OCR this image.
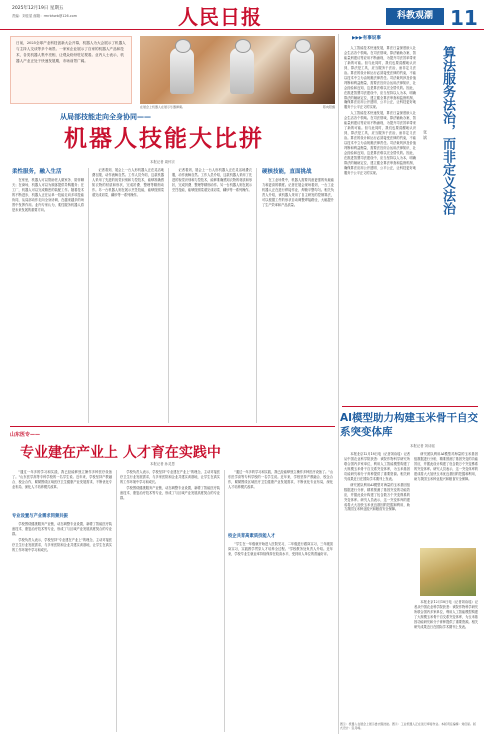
2025年12月19日 星期五
责编：刘佳星 邮箱：rmrbhwb@126.com	人民日报	科教观潮 11
日前，2025全球产业科技创新大会开幕，机器人为大会展示了机器人与主持人交谈等多个场景。一家家企业展示了自家的机器人产品和技术，各类机器人集中亮相，让观众纷纷驻足观看。业内人士表示，机器人产业正处于快速发展期，市场前景广阔。
在展会上机器人在展示乐器弹奏。	陈向阳摄
从局部技能走向全身协同——
机器人技能大比拼
本报记者 周怀宗
柔性服务，融入生活

在家里，机器人可以帮助老人做家务、陪伴聊天；在商场，机器人可以为顾客提供导购服务；在工厂，机器人可以完成精密的装配工作。随着技术的不断进步，机器人正在从单一技能走向多项技能协同，从局部动作走向全身协调，在越来越多的场景中发挥作用。业内专家认为，柔性服务机器人将是未来发展的重要方向。

记者看到，展会上一台人形机器人正在灵活地叠衣服，动作流畅自然。工作人员介绍，这款机器人采用了先进的视觉识别和力控技术，能够准确感知衣物的材质和形状，完成折叠、整理等精细动作。另一台机器人则在展示烹饪技能，能够按照菜谱完成切菜、翻炒等一系列操作。

记者看到，展会上一台人形机器人正在灵活地叠衣服，动作流畅自然。工作人员介绍，这款机器人采用了先进的视觉识别和力控技术，能够准确感知衣物的材质和形状，完成折叠、整理等精细动作。另一台机器人则在展示烹饪技能，能够按照菜谱完成切菜、翻炒等一系列操作。

硬核技能，直面挑战

在工业场景中，机器人需要具备更强的负载能力和更高的精度。记者在展会现场看到，一台工业机器人正在进行焊接作业，焊缝平整均匀。相关负责人介绍，该机器人采用了自主研发的控制算法，可以根据工件的形状自动调整焊接路径，大幅提升了生产效率和产品质量。

山东医专——
专业建在产业上 人才育在实践中
本报记者 孙灵思

"通过一年多的学习和实践，我已经能够独立操作多种医疗设备了。"山东医学高等专科学校的一名学生说。近年来，学校坚持产教融合、校企合作，紧紧围绕区域医疗卫生健康产业发展需求，不断优化专业布局，深化人才培养模式改革。

专业设置与产业需求同频共振

学校围绕健康服务产业链，动态调整专业设置，新增了智能医疗装备技术、康复治疗技术等专业，形成了与区域产业发展高度契合的专业群。

学校负责人表示，学校坚持"专业建在产业上"的理念，主动对接医疗卫生行业发展需求，与多家医院和企业共建实训基地，让学生在真实的工作环境中学习和成长。

学校负责人表示，学校坚持"专业建在产业上"的理念，主动对接医疗卫生行业发展需求，与多家医院和企业共建实训基地，让学生在真实的工作环境中学习和成长。

学校围绕健康服务产业链，动态调整专业设置，新增了智能医疗装备技术、康复治疗技术等专业，形成了与区域产业发展高度契合的专业群。

"通过一年多的学习和实践，我已经能够独立操作多种医疗设备了。"山东医学高等专科学校的一名学生说。近年来，学校坚持产教融合、校企合作，紧紧围绕区域医疗卫生健康产业发展需求，不断优化专业布局，深化人才培养模式改革。

校企共育高素质技能人才

"学生在一年级就开始进入医院见习，二年级进行跟岗实习，三年级顶岗实习，实践教学贯穿人才培养全过程。"学校教务处负责人介绍。近年来，学校毕业生就业率持续保持在较高水平，受到用人单位的普遍好评。

▶▶▶有事说事
算法服务法治，而非定义法治
张 斌

人工智能技术快速发展，算法日益深度嵌入社会生活各个领域。在司法领域，算法辅助办案、智能量刑建议等应用不断涌现，为提升司法效率带来了新的可能。但与此同时，我们也要清醒地认识到，算法是工具，应当服务于法治，而非定义法治。算法的设计和运行必须接受法律的约束，不能以技术中立为由规避法律责任。司法裁判涉及价值判断和利益衡量，需要法官综合运用法律知识、社会经验和良知，这是算法难以完全替代的。因此，在推进智慧司法建设中，应当坚持以人为本，明确算法的辅助定位，建立健全算法审查和监督机制，确保算法应用公开透明、公平公正，让科技更好地服务于公平正义的实现。

人工智能技术快速发展，算法日益深度嵌入社会生活各个领域。在司法领域，算法辅助办案、智能量刑建议等应用不断涌现，为提升司法效率带来了新的可能。但与此同时，我们也要清醒地认识到，算法是工具，应当服务于法治，而非定义法治。算法的设计和运行必须接受法律的约束，不能以技术中立为由规避法律责任。司法裁判涉及价值判断和利益衡量，需要法官综合运用法律知识、社会经验和良知，这是算法难以完全替代的。因此，在推进智慧司法建设中，应当坚持以人为本，明确算法的辅助定位，建立健全算法审查和监督机制，确保算法应用公开透明、公平公正，让科技更好地服务于公平正义的实现。

AI模型助力构建玉米骨干自交系突变体库
本报记者 刘诗瑶

本报北京12月18日电（记者刘诗瑶）记者从中国农业科学院获悉：该院作物科学研究所联合国内多家单位，利用人工智能模型构建了大规模玉米骨干自交系突变体库，为玉米基因功能研究和分子育种提供了重要资源。相关研究成果近日在国际学术期刊上发表。

研究团队利用AI模型对海量的玉米基因组数据进行分析，精准预测了基因突变的功能效应，并据此设计构建了包含数万个突变株系的突变体库。研究人员表示，这一突变体库的建成将大大加快玉米优良基因的挖掘和利用，助力我国玉米种业振兴和粮食安全保障。

研究团队利用AI模型对海量的玉米基因组数据进行分析，精准预测了基因突变的功能效应，并据此设计构建了包含数万个突变株系的突变体库。研究人员表示，这一突变体库的建成将大大加快玉米优良基因的挖掘和利用，助力我国玉米种业振兴和粮食安全保障。

本报北京12月18日电（记者刘诗瑶）记者从中国农业科学院获悉：该院作物科学研究所联合国内多家单位，利用人工智能模型构建了大规模玉米骨干自交系突变体库，为玉米基因功能研究和分子育种提供了重要资源。相关研究成果近日在国际学术期刊上发表。

图①：机器人在展会上展示叠衣服技能。图②：工业机器人正在进行焊接作业。本版责任编辑：刘佳星。版式设计：张丹峰。
